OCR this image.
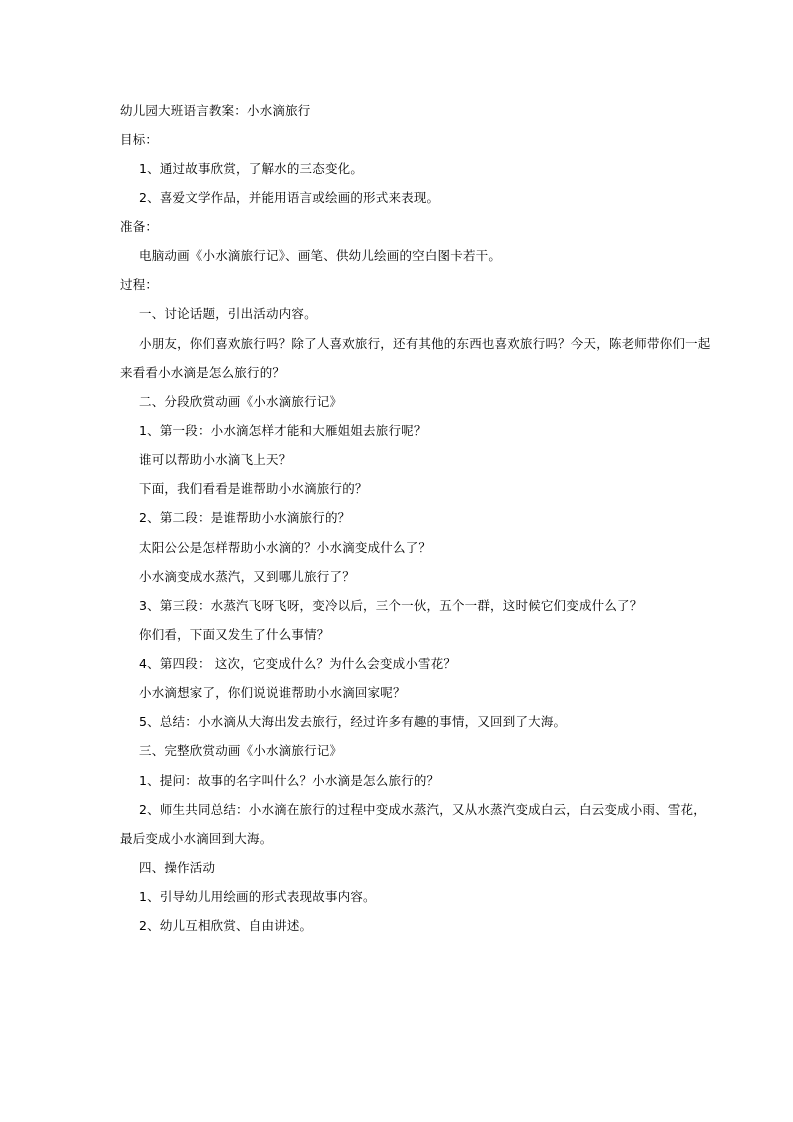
幼儿园大班语言教案：小水滴旅行
目标：
1、通过故事欣赏，了解水的三态变化。
2、喜爱文学作品，并能用语言或绘画的形式来表现。
准备：
电脑动画《小水滴旅行记》、画笔、供幼儿绘画的空白图卡若干。
过程：
一、讨论话题，引出活动内容。
小朋友，你们喜欢旅行吗？除了人喜欢旅行，还有其他的东西也喜欢旅行吗？今天，陈老师带你们一起
来看看小水滴是怎么旅行的？
二、分段欣赏动画《小水滴旅行记》
1、第一段：小水滴怎样才能和大雁姐姐去旅行呢？
谁可以帮助小水滴飞上天？
下面，我们看看是谁帮助小水滴旅行的？
2、第二段：是谁帮助小水滴旅行的？
太阳公公是怎样帮助小水滴的？小水滴变成什么了？
小水滴变成水蒸汽，又到哪儿旅行了？
3、第三段：水蒸汽飞呀飞呀，变冷以后，三个一伙，五个一群，这时候它们变成什么了？
你们看，下面又发生了什么事情？
4、第四段： 这次，它变成什么？为什么会变成小雪花？
小水滴想家了，你们说说谁帮助小水滴回家呢？
5、总结：小水滴从大海出发去旅行，经过许多有趣的事情，又回到了大海。
三、完整欣赏动画《小水滴旅行记》
1、提问：故事的名字叫什么？小水滴是怎么旅行的？
2、师生共同总结：小水滴在旅行的过程中变成水蒸汽，又从水蒸汽变成白云，白云变成小雨、雪花，
最后变成小水滴回到大海。
四、操作活动
1、引导幼儿用绘画的形式表现故事内容。
2、幼儿互相欣赏、自由讲述。
